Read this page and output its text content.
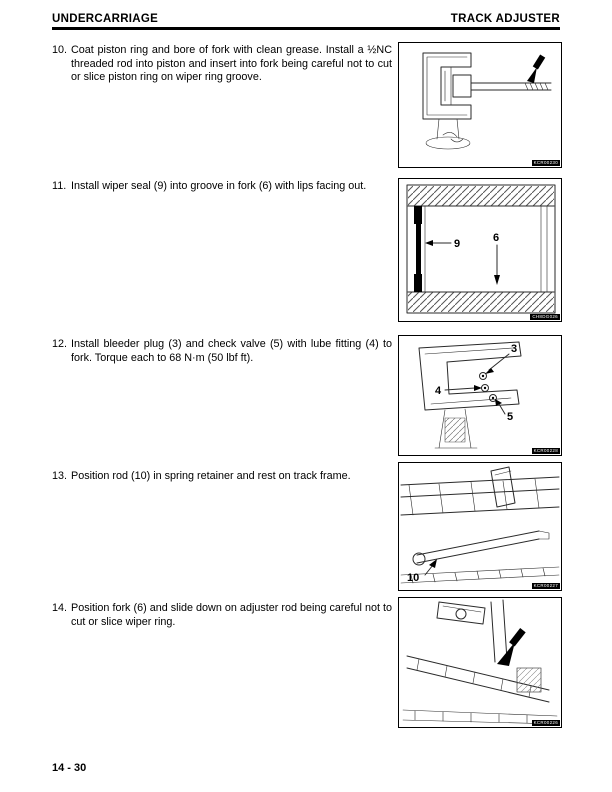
UNDERCARRIAGE	TRACK ADJUSTER
10. Coat piston ring and bore of fork with clean grease. Install a ½NC threaded rod into piston and insert into fork being careful not to cut or slice piston ring on wiper ring groove.
KCR00230
11. Install wiper seal (9) into groove in fork (6) with lips facing out.
9	6
CH8DG026
12. Install bleeder plug (3) and check valve (5) with lube fitting (4) to fork. Torque each to 68 N·m (50 lbf ft).
3
4
5
KCR00228
13. Position rod (10) in spring retainer and rest on track frame.
10
KCR00227
14. Position fork (6) and slide down on adjuster rod being careful not to cut or slice wiper ring.
KCR00226
14 - 30
